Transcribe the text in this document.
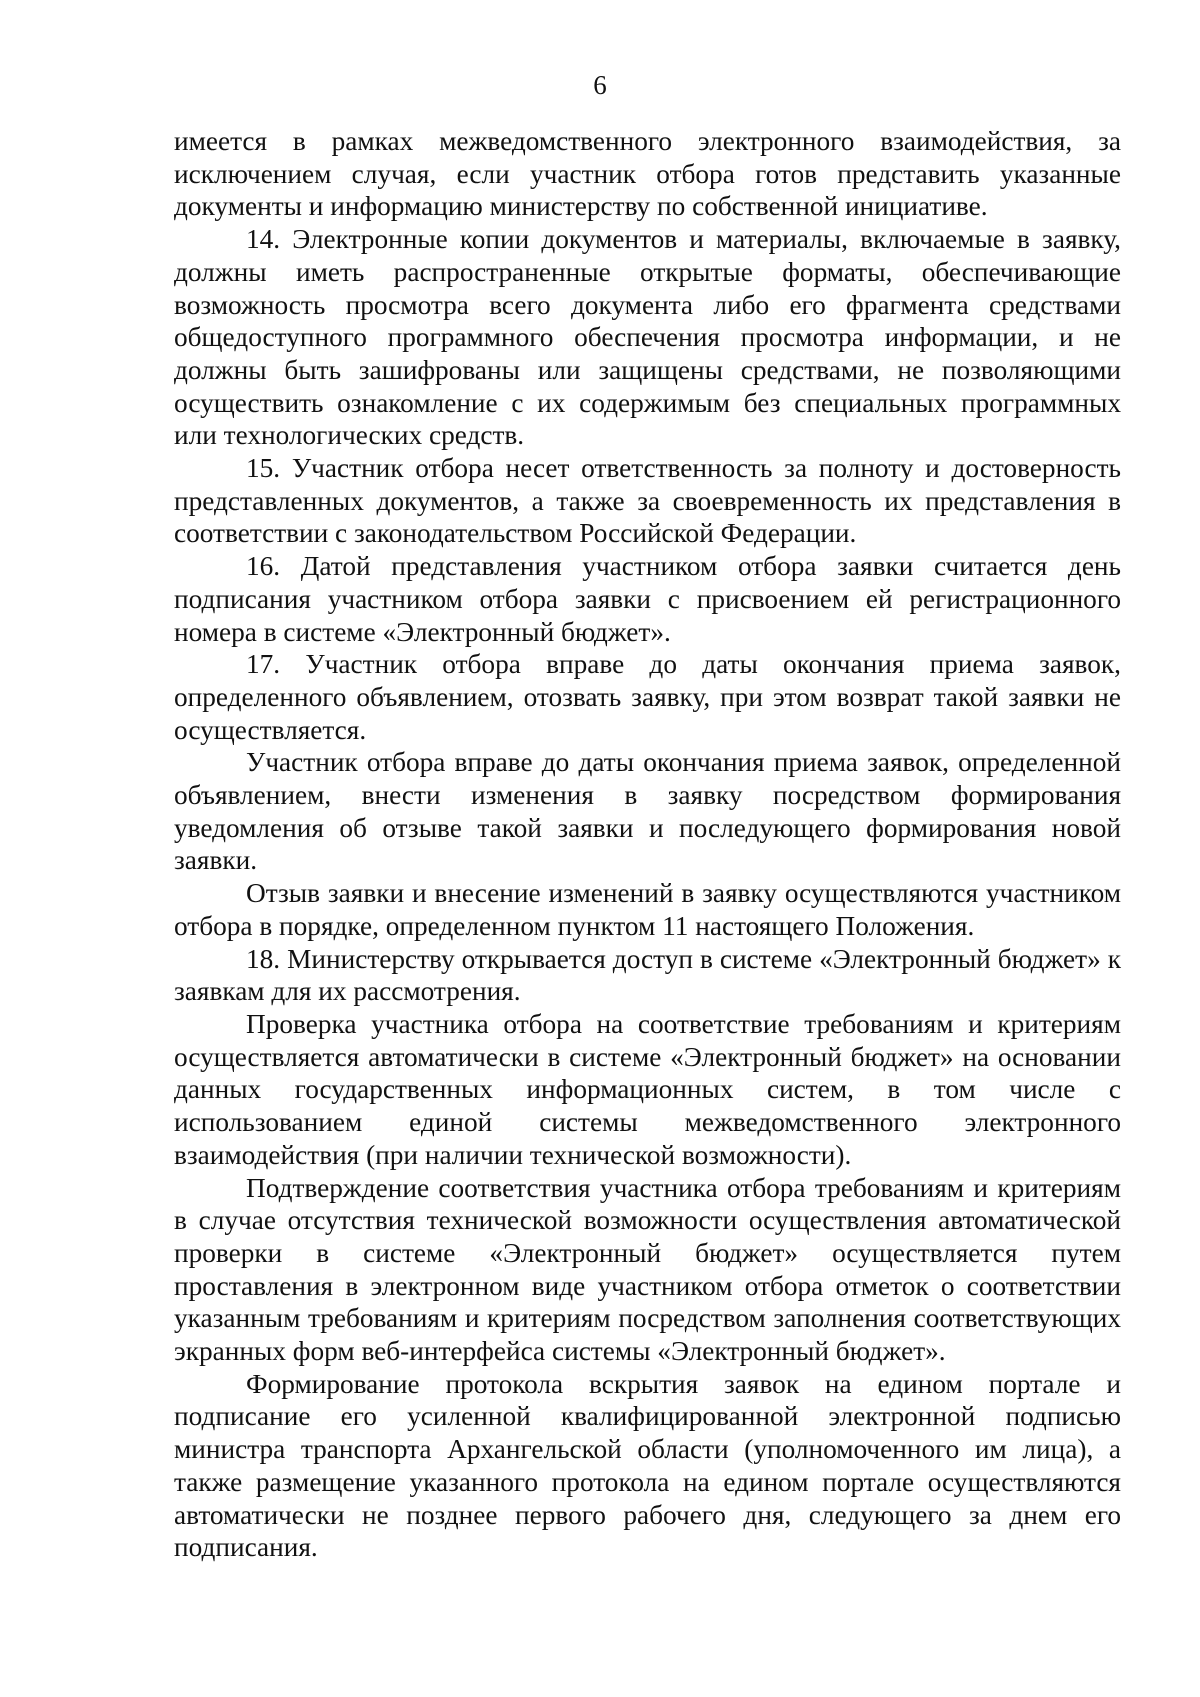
6

имеется в рамках межведомственного электронного взаимодействия, за исключением случая, если участник отбора готов представить указанные документы и информацию министерству по собственной инициативе.

14. Электронные копии документов и материалы, включаемые в заявку, должны иметь распространенные открытые форматы, обеспечивающие возможность просмотра всего документа либо его фрагмента средствами общедоступного программного обеспечения просмотра информации, и не должны быть зашифрованы или защищены средствами, не позволяющими осуществить ознакомление с их содержимым без специальных программных или технологических средств.

15. Участник отбора несет ответственность за полноту и достоверность представленных документов, а также за своевременность их представления в соответствии с законодательством Российской Федерации.

16. Датой представления участником отбора заявки считается день подписания участником отбора заявки с присвоением ей регистрационного номера в системе «Электронный бюджет».

17. Участник отбора вправе до даты окончания приема заявок, определенного объявлением, отозвать заявку, при этом возврат такой заявки не осуществляется.

Участник отбора вправе до даты окончания приема заявок, определенной объявлением, внести изменения в заявку посредством формирования уведомления об отзыве такой заявки и последующего формирования новой заявки.

Отзыв заявки и внесение изменений в заявку осуществляются участником отбора в порядке, определенном пунктом 11 настоящего Положения.

18. Министерству открывается доступ в системе «Электронный бюджет» к заявкам для их рассмотрения.

Проверка участника отбора на соответствие требованиям и критериям осуществляется автоматически в системе «Электронный бюджет» на основании данных государственных информационных систем, в том числе с использованием единой системы межведомственного электронного взаимодействия (при наличии технической возможности).

Подтверждение соответствия участника отбора требованиям и критериям в случае отсутствия технической возможности осуществления автоматической проверки в системе «Электронный бюджет» осуществляется путем проставления в электронном виде участником отбора отметок о соответствии указанным требованиям и критериям посредством заполнения соответствующих экранных форм веб-интерфейса системы «Электронный бюджет».

Формирование протокола вскрытия заявок на едином портале и подписание его усиленной квалифицированной электронной подписью министра транспорта Архангельской области (уполномоченного им лица), а также размещение указанного протокола на едином портале осуществляются автоматически не позднее первого рабочего дня, следующего за днем его подписания.
